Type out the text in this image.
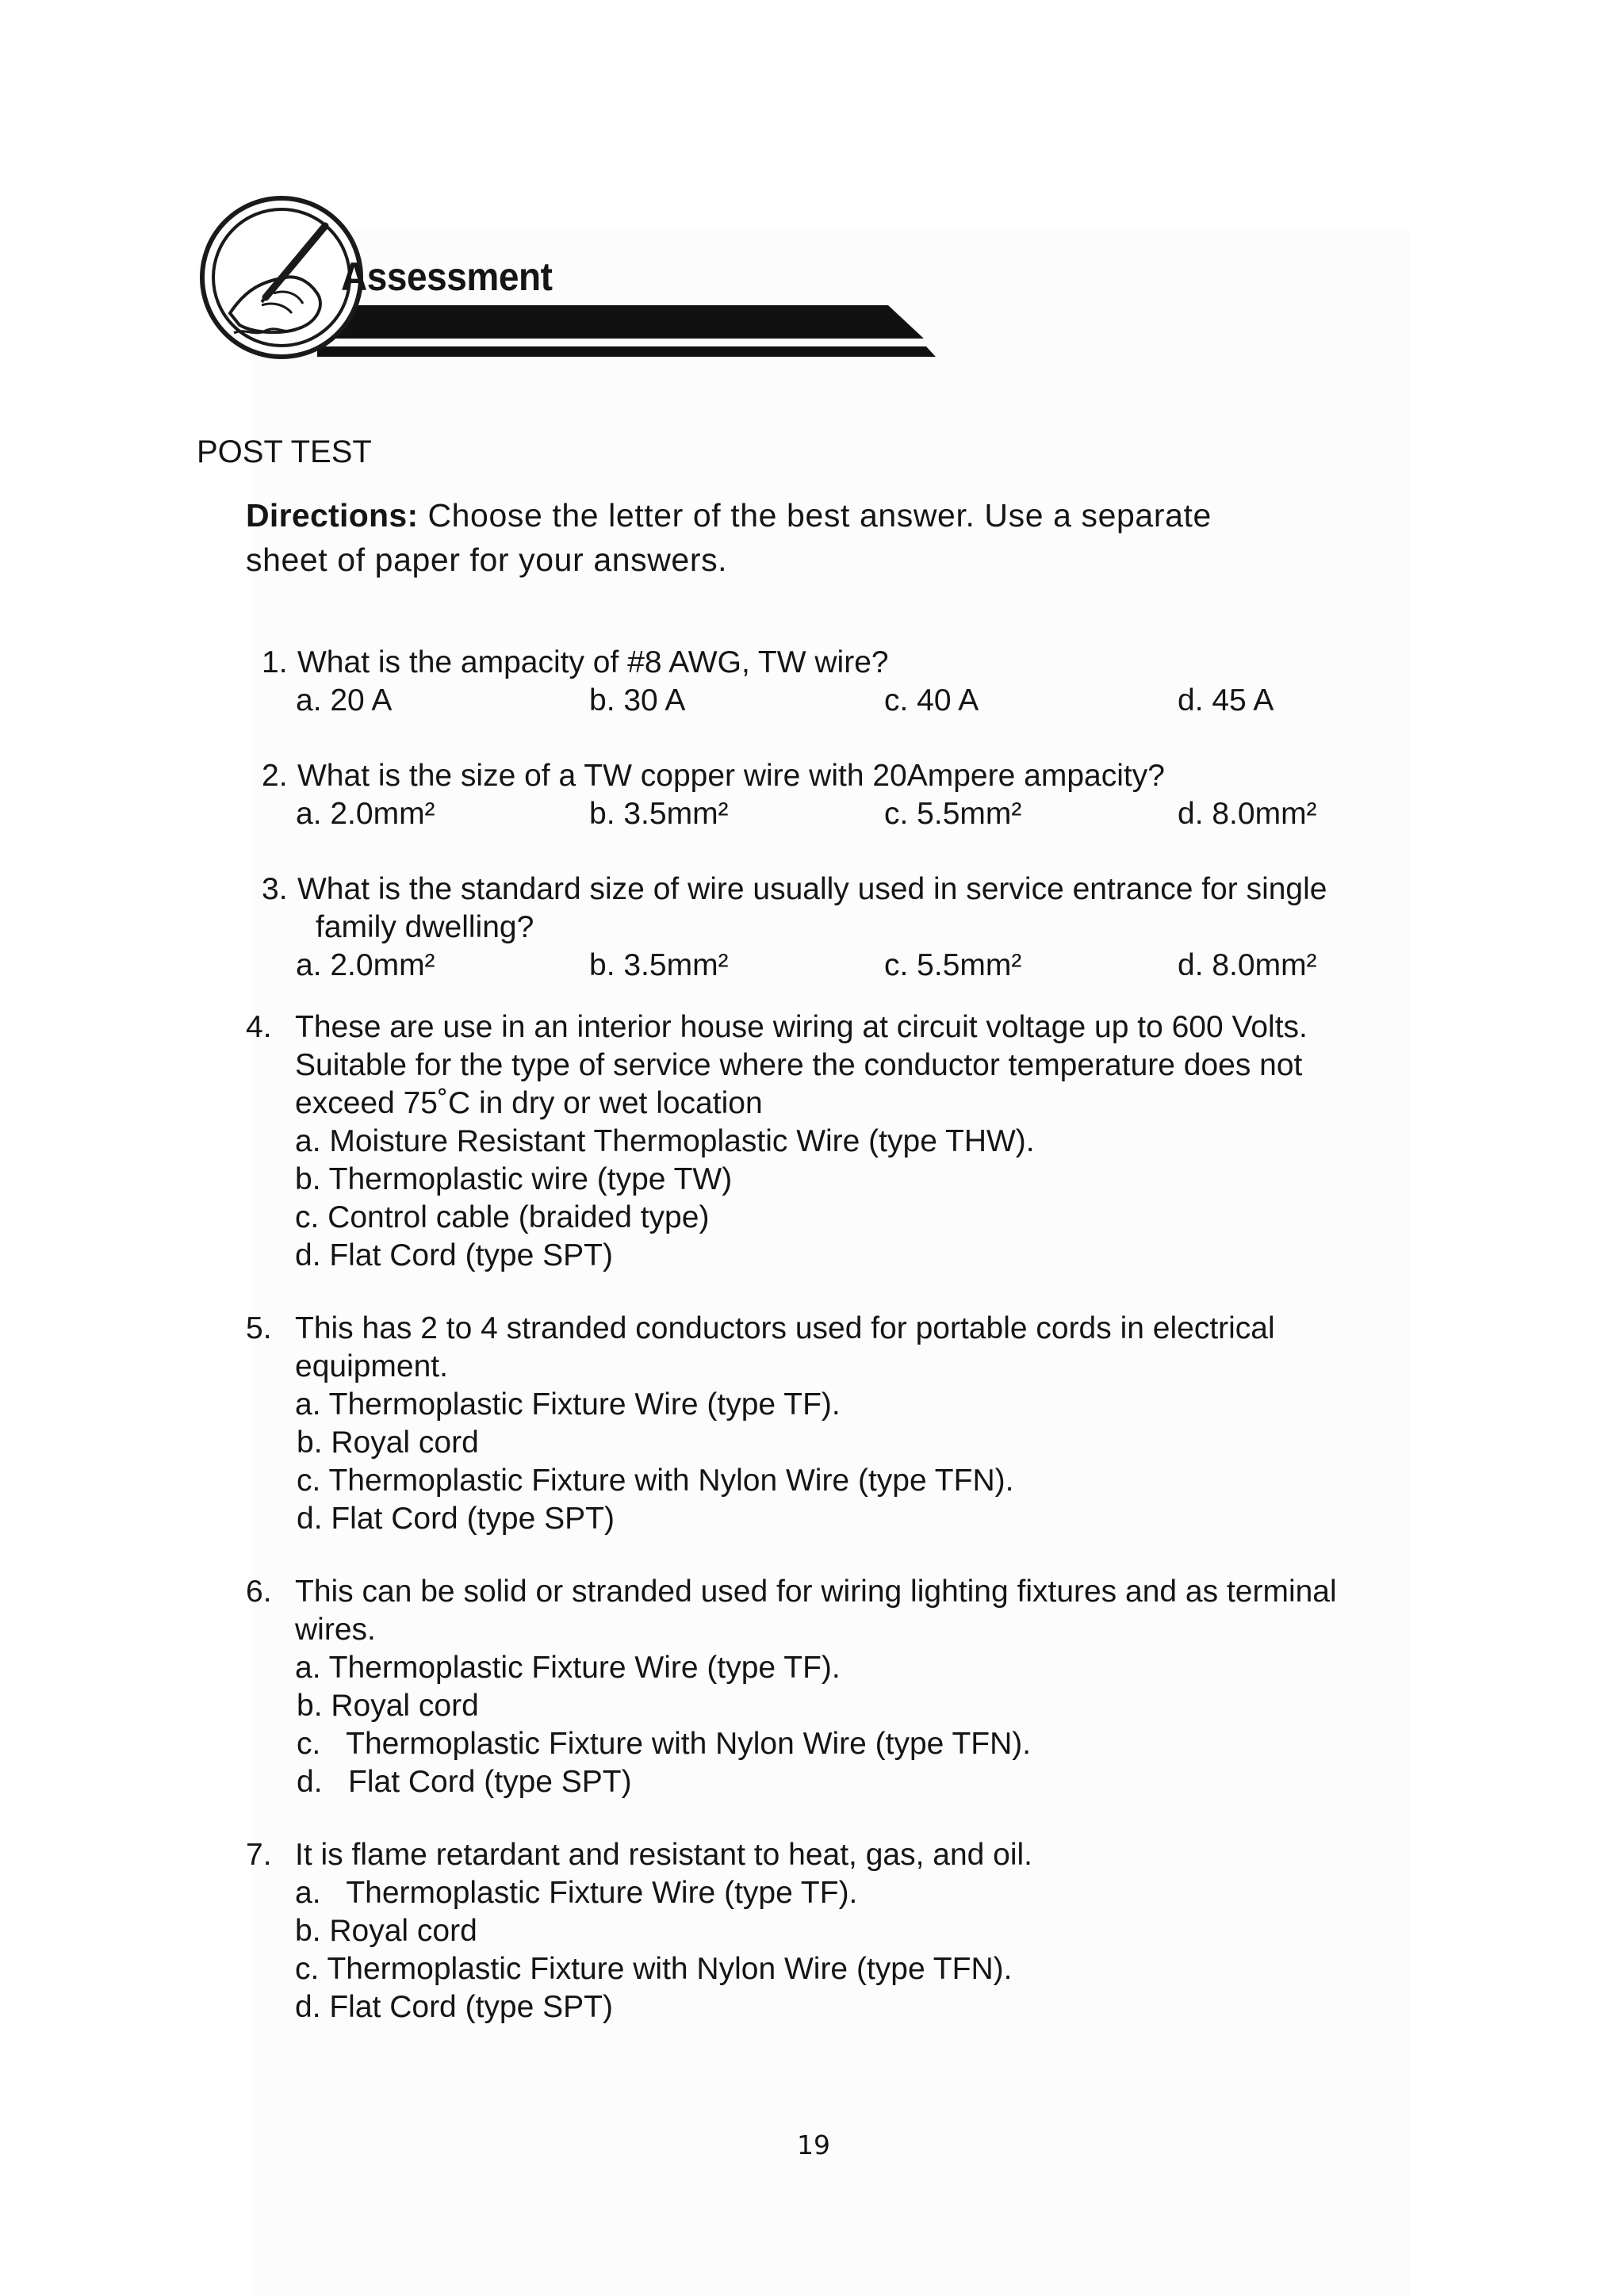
Assessment
POST TEST
Directions: Choose the letter of the best answer. Use a separate
sheet of paper for your answers.
1. What is the ampacity of #8 AWG, TW wire?
a. 20 A	b. 30 A	c. 40 A	d. 45 A
2. What is the size of a TW copper wire with 20Ampere ampacity?
a. 2.0mm²	b. 3.5mm²	c. 5.5mm²	d. 8.0mm²
3. What is the standard size of wire usually used in service entrance for single
family dwelling?
a. 2.0mm²	b. 3.5mm²	c. 5.5mm²	d. 8.0mm²
4. These are use in an interior house wiring at circuit voltage up to 600 Volts.
Suitable for the type of service where the conductor temperature does not
exceed 75˚C in dry or wet location
a. Moisture Resistant Thermoplastic Wire (type THW).
b. Thermoplastic wire (type TW)
c. Control cable (braided type)
d. Flat Cord (type SPT)
5. This has 2 to 4 stranded conductors used for portable cords in electrical
equipment.
a. Thermoplastic Fixture Wire (type TF).
b. Royal cord
c. Thermoplastic Fixture with Nylon Wire (type TFN).
d. Flat Cord (type SPT)
6. This can be solid or stranded used for wiring lighting fixtures and as terminal
wires.
a. Thermoplastic Fixture Wire (type TF).
b. Royal cord
c.   Thermoplastic Fixture with Nylon Wire (type TFN).
d.   Flat Cord (type SPT)
7. It is flame retardant and resistant to heat, gas, and oil.
a.   Thermoplastic Fixture Wire (type TF).
b. Royal cord
c. Thermoplastic Fixture with Nylon Wire (type TFN).
d. Flat Cord (type SPT)
19
